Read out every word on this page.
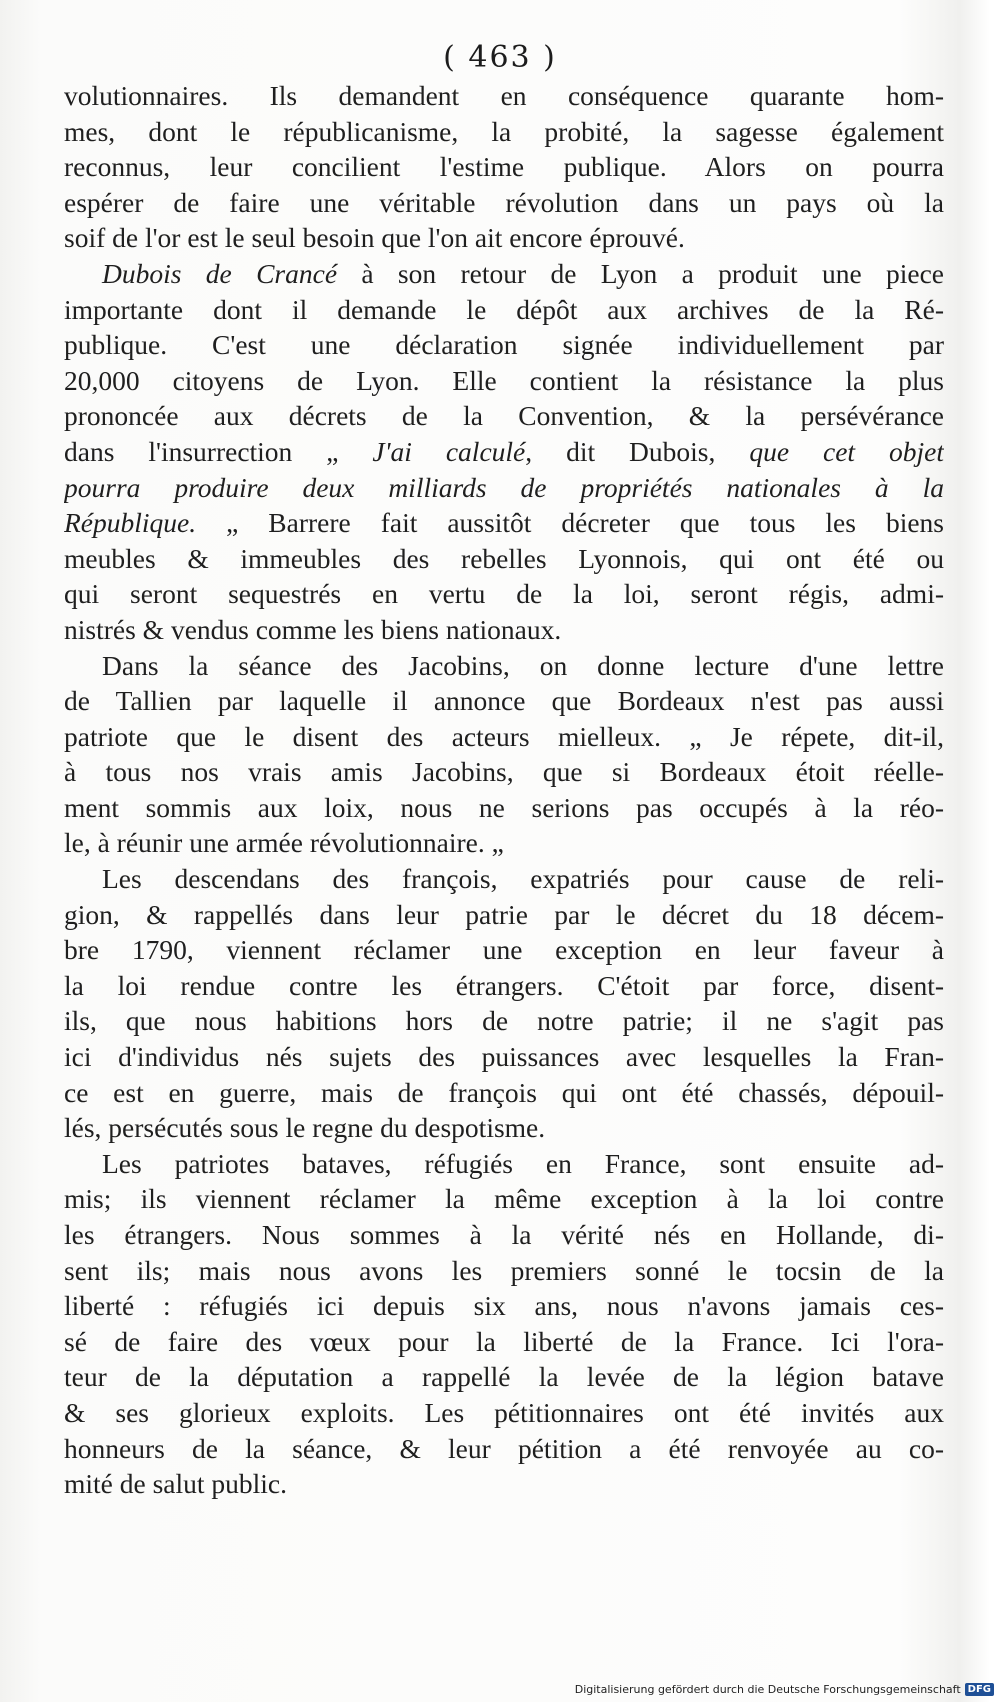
( 463 )
volutionnaires. Ils demandent en conséquence quarante hom-
mes, dont le républicanisme, la probité, la sagesse également
reconnus, leur concilient l'estime publique. Alors on pourra
espérer de faire une véritable révolution dans un pays où la
soif de l'or est le seul besoin que l'on ait encore éprouvé.
Dubois de Crancé à son retour de Lyon a produit une piece
importante dont il demande le dépôt aux archives de la Ré-
publique. C'est une déclaration signée individuellement par
20,000 citoyens de Lyon. Elle contient la résistance la plus
prononcée aux décrets de la Convention, & la persévérance
dans l'insurrection „ J'ai calculé, dit Dubois, que cet objet
pourra produire deux milliards de propriétés nationales à la
République. „ Barrere fait aussitôt décreter que tous les biens
meubles & immeubles des rebelles Lyonnois, qui ont été ou
qui seront sequestrés en vertu de la loi, seront régis, admi-
nistrés & vendus comme les biens nationaux.
Dans la séance des Jacobins, on donne lecture d'une lettre
de Tallien par laquelle il annonce que Bordeaux n'est pas aussi
patriote que le disent des acteurs mielleux. „ Je répete, dit-il,
à tous nos vrais amis Jacobins, que si Bordeaux étoit réelle-
ment sommis aux loix, nous ne serions pas occupés à la réo-
le, à réunir une armée révolutionnaire. „
Les descendans des françois, expatriés pour cause de reli-
gion, & rappellés dans leur patrie par le décret du 18 décem-
bre 1790, viennent réclamer une exception en leur faveur à
la loi rendue contre les étrangers. C'étoit par force, disent-
ils, que nous habitions hors de notre patrie; il ne s'agit pas
ici d'individus nés sujets des puissances avec lesquelles la Fran-
ce est en guerre, mais de françois qui ont été chassés, dépouil-
lés, persécutés sous le regne du despotisme.
Les patriotes bataves, réfugiés en France, sont ensuite ad-
mis; ils viennent réclamer la même exception à la loi contre
les étrangers. Nous sommes à la vérité nés en Hollande, di-
sent ils; mais nous avons les premiers sonné le tocsin de la
liberté : réfugiés ici depuis six ans, nous n'avons jamais ces-
sé de faire des vœux pour la liberté de la France. Ici l'ora-
teur de la députation a rappellé la levée de la légion batave
& ses glorieux exploits. Les pétitionnaires ont été invités aux
honneurs de la séance, & leur pétition a été renvoyée au co-
mité de salut public.
Digitalisierung gefördert durch die Deutsche Forschungsgemeinschaft DFG
